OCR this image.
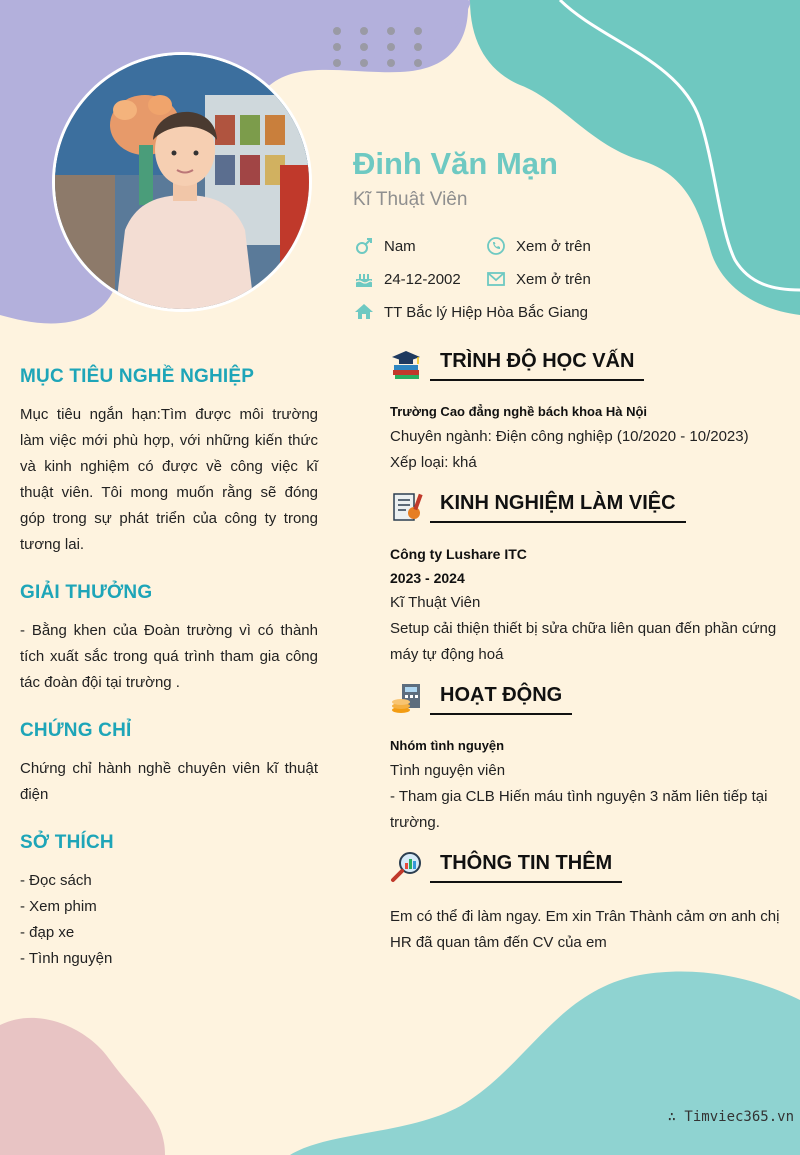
Đinh Văn Mạn
Kĩ Thuật Viên
Nam	Xem ở trên
24-12-2002	Xem ở trên
TT Bắc lý Hiệp Hòa Bắc Giang
MỤC TIÊU NGHỀ NGHIỆP

Mục tiêu ngắn hạn:Tìm được môi trường làm việc mới phù hợp, với những kiến thức và kinh nghiệm có được về công việc kĩ thuật viên. Tôi mong muốn rằng sẽ đóng góp trong sự phát triển của công ty trong tương lai.

GIẢI THƯỞNG

- Bằng khen của Đoàn trường vì có thành tích xuất sắc trong quá trình tham gia công tác đoàn đội tại trường .

CHỨNG CHỈ

Chứng chỉ hành nghề chuyên viên kĩ thuật điện

SỞ THÍCH
- Đọc sách
- Xem phim
- đạp xe
- Tình nguyện
TRÌNH ĐỘ HỌC VẤN
Trường Cao đẳng nghề bách khoa Hà Nội
Chuyên ngành: Điện công nghiệp (10/2020 - 10/2023)
Xếp loại: khá
KINH NGHIỆM LÀM VIỆC
Công ty Lushare ITC
2023 - 2024
Kĩ Thuật Viên
Setup cải thiện thiết bị sửa chữa liên quan đến phần cứng máy tự động hoá
HOẠT ĐỘNG
Nhóm tình nguyện
Tình nguyện viên
- Tham gia CLB Hiến máu tình nguyện 3 năm liên tiếp tại trường.
THÔNG TIN THÊM
Em có thể đi làm ngay. Em xin Trân Thành cảm ơn anh chị HR đã quan tâm đến CV của em
∴ Timviec365.vn
